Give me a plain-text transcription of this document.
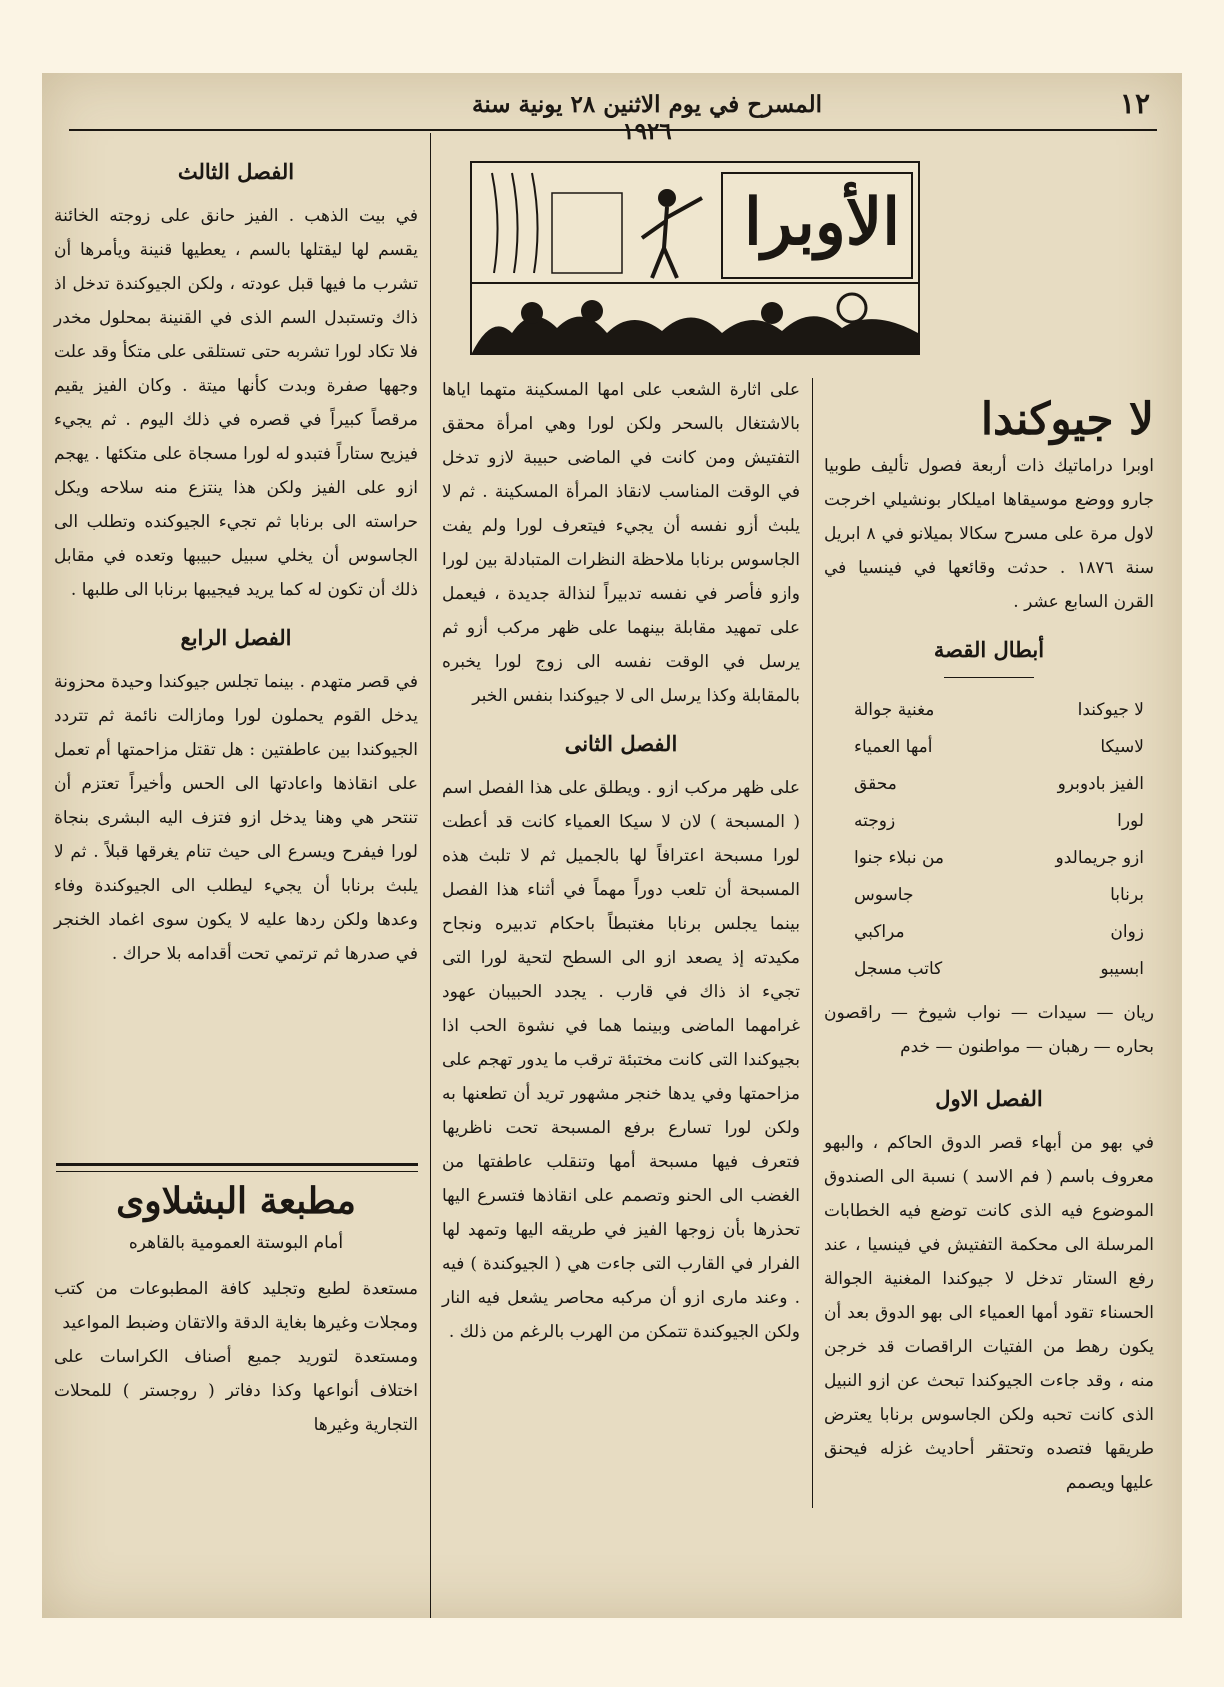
١٢
المسرح في يوم الاثنين ٢٨ يونية سنة ١٩٢٦
الأوبرا
لا جيوكندا

اوبرا دراماتيك ذات أربعة فصول تأليف طوبيا جارو ووضع موسيقاها اميلكار بونشيلي اخرجت لاول مرة على مسرح سكالا بميلانو في ٨ ابريل سنة ١٨٧٦ . حدثت وقائعها في فينسيا في القرن السابع عشر .

أبطال القصة
لا جيوكندا
مغنية جوالة
لاسيكا
أمها العمياء
الفيز بادوبرو
محقق
لورا
زوجته
ازو جريمالدو
من نبلاء جنوا
برنابا
جاسوس
زوان
مراكبي
ابسيبو
كاتب مسجل

ريان — سيدات — نواب شيوخ — راقصون بحاره — رهبان — مواطنون — خدم

الفصل الاول

في بهو من أبهاء قصر الدوق الحاكم ، والبهو معروف باسم ( فم الاسد ) نسبة الى الصندوق الموضوع فيه الذى كانت توضع فيه الخطابات المرسلة الى محكمة التفتيش في فينسيا ، عند رفع الستار تدخل لا جيوكندا المغنية الجوالة الحسناء تقود أمها العمياء الى بهو الدوق بعد أن يكون رهط من الفتيات الراقصات قد خرجن منه ، وقد جاءت الجيوكندا تبحث عن ازو النبيل الذى كانت تحبه ولكن الجاسوس برنابا يعترض طريقها فتصده وتحتقر أحاديث غزله فيحنق عليها ويصمم

على اثارة الشعب على امها المسكينة متهما اياها بالاشتغال بالسحر ولكن لورا وهي امرأة محقق التفتيش ومن كانت في الماضى حبيبة لازو تدخل في الوقت المناسب لانقاذ المرأة المسكينة . ثم لا يلبث أزو نفسه أن يجيء فيتعرف لورا ولم يفت الجاسوس برنابا ملاحظة النظرات المتبادلة بين لورا وازو فأصر في نفسه تدبيراً لنذالة جديدة ، فيعمل على تمهيد مقابلة بينهما على ظهر مركب أزو ثم يرسل في الوقت نفسه الى زوج لورا يخبره بالمقابلة وكذا يرسل الى لا جيوكندا بنفس الخبر

الفصل الثانى

على ظهر مركب ازو . ويطلق على هذا الفصل اسم ( المسبحة ) لان لا سيكا العمياء كانت قد أعطت لورا مسبحة اعترافاً لها بالجميل ثم لا تلبث هذه المسبحة أن تلعب دوراً مهماً في أثناء هذا الفصل بينما يجلس برنابا مغتبطاً باحكام تدبيره ونجاح مكيدته إذ يصعد ازو الى السطح لتحية لورا التى تجيء اذ ذاك في قارب . يجدد الحبيبان عهود غرامهما الماضى وبينما هما في نشوة الحب اذا بجيوكندا التى كانت مختبئة ترقب ما يدور تهجم على مزاحمتها وفي يدها خنجر مشهور تريد أن تطعنها به ولكن لورا تسارع برفع المسبحة تحت ناظريها فتعرف فيها مسبحة أمها وتنقلب عاطفتها من الغضب الى الحنو وتصمم على انقاذها فتسرع اليها تحذرها بأن زوجها الفيز في طريقه اليها وتمهد لها الفرار في القارب التى جاءت هي ( الجيوكندة ) فيه . وعند مارى ازو أن مركبه محاصر يشعل فيه النار ولكن الجيوكندة تتمكن من الهرب بالرغم من ذلك .

الفصل الثالث

في بيت الذهب . الفيز حانق على زوجته الخائنة يقسم لها ليقتلها بالسم ، يعطيها قنينة ويأمرها أن تشرب ما فيها قبل عودته ، ولكن الجيوكندة تدخل اذ ذاك وتستبدل السم الذى في القنينة بمحلول مخدر فلا تكاد لورا تشربه حتى تستلقى على متكأ وقد علت وجهها صفرة وبدت كأنها ميتة . وكان الفيز يقيم مرقصاً كبيراً في قصره في ذلك اليوم . ثم يجيء فيزيح ستاراً فتبدو له لورا مسجاة على متكئها . يهجم ازو على الفيز ولكن هذا ينتزع منه سلاحه ويكل حراسته الى برنابا ثم تجيء الجيوكنده وتطلب الى الجاسوس أن يخلي سبيل حبيبها وتعده في مقابل ذلك أن تكون له كما يريد فيجيبها برنابا الى طلبها .

الفصل الرابع

في قصر متهدم . بينما تجلس جيوكندا وحيدة محزونة يدخل القوم يحملون لورا ومازالت نائمة ثم تتردد الجيوكندا بين عاطفتين : هل تقتل مزاحمتها أم تعمل على انقاذها واعادتها الى الحس وأخيراً تعتزم أن تنتحر هي وهنا يدخل ازو فتزف اليه البشرى بنجاة لورا فيفرح ويسرع الى حيث تنام يغرقها قبلاً . ثم لا يلبث برنابا أن يجيء ليطلب الى الجيوكندة وفاء وعدها ولكن ردها عليه لا يكون سوى اغماد الخنجر في صدرها ثم ترتمي تحت أقدامه بلا حراك .

مطبعة البشلاوى
أمام البوستة العمومية بالقاهره

مستعدة لطبع وتجليد كافة المطبوعات من كتب ومجلات وغيرها بغاية الدقة والاتقان وضبط المواعيد

ومستعدة لتوريد جميع أصناف الكراسات على اختلاف أنواعها وكذا دفاتر ( روجستر ) للمحلات التجارية وغيرها
